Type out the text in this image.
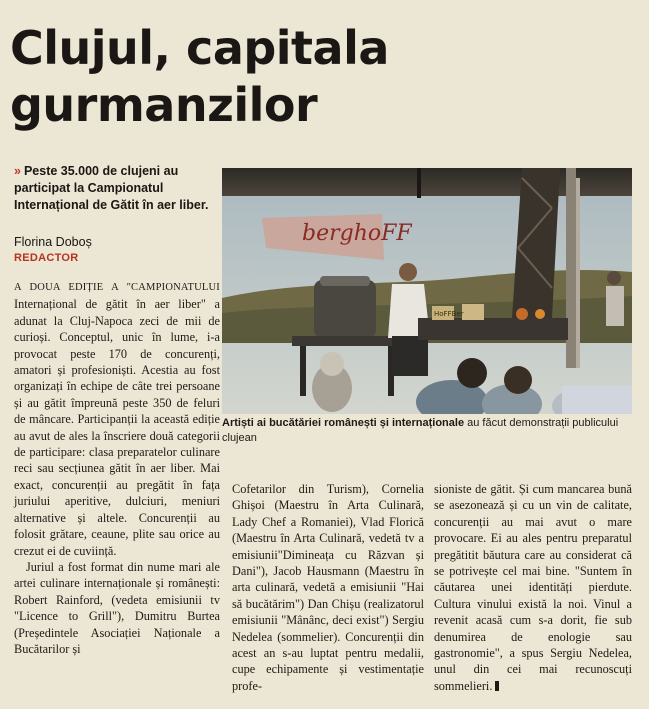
Clujul, capitala gurmanzilor
» Peste 35.000 de clujeni au participat la Campionatul Internațional de Gătit în aer liber.
Florina Doboș
REDACTOR

A DOUA EDIȚIE A "CAMPIONATULUI Internațional de gătit în aer liber" a adunat la Cluj-Napoca zeci de mii de curioși. Conceptul, unic în lume, i-a provocat peste 170 de concurenți, amatori și profesioniști. Acestia au fost organizați în echipe de câte trei persoane și au gătit împreună peste 350 de feluri de mâncare. Participanții la această ediție au avut de ales la înscriere două categorii de participare: clasa preparatelor culinare reci sau secțiunea gătit în aer liber. Mai exact, concurenții au pregătit în fața juriului aperitive, dulciuri, meniuri alternative și altele. Concurenții au folosit grătare, ceaune, plite sau orice au crezut ei de cuviință.

Juriul a fost format din nume mari ale artei culinare internaționale și românești: Robert Rainford, (vedeta emisiunii tv "Licence to Grill"), Dumitru Burtea (Președintele Asociației Naționale a Bucătarilor și

berghoFF
HoFFBer
Artiști ai bucătăriei românești și internaționale au făcut demonstrații publicului clujean

Cofetarilor din Turism), Cornelia Ghișoi (Maestru în Arta Culinară, Lady Chef a Romaniei), Vlad Florică (Maestru în Arta Culinară, vedetă tv a emisiunii"Dimineața cu Răzvan și Dani"), Jacob Hausmann (Maestru în arta culinară, vedetă a emisiunii "Hai să bucătărim") Dan Chișu (realizatorul emisiunii "Mânânc, deci exist") Sergiu Nedelea (sommelier). Concurenții din acest an s-au luptat pentru medalii, cupe echipamente și vestimentație profe-

sioniste de gătit. Și cum mancarea bună se asezonează și cu un vin de calitate, concurenții au mai avut o mare provocare. Ei au ales pentru preparatul pregătitit băutura care au considerat că se potrivește cel mai bine. "Suntem în căutarea unei identități pierdute. Cultura vinului există la noi. Vinul a revenit acasă cum s-a dorit, fie sub denumirea de enologie sau gastronomie", a spus Sergiu Nedelea, unul din cei mai recunoscuți sommelieri.
